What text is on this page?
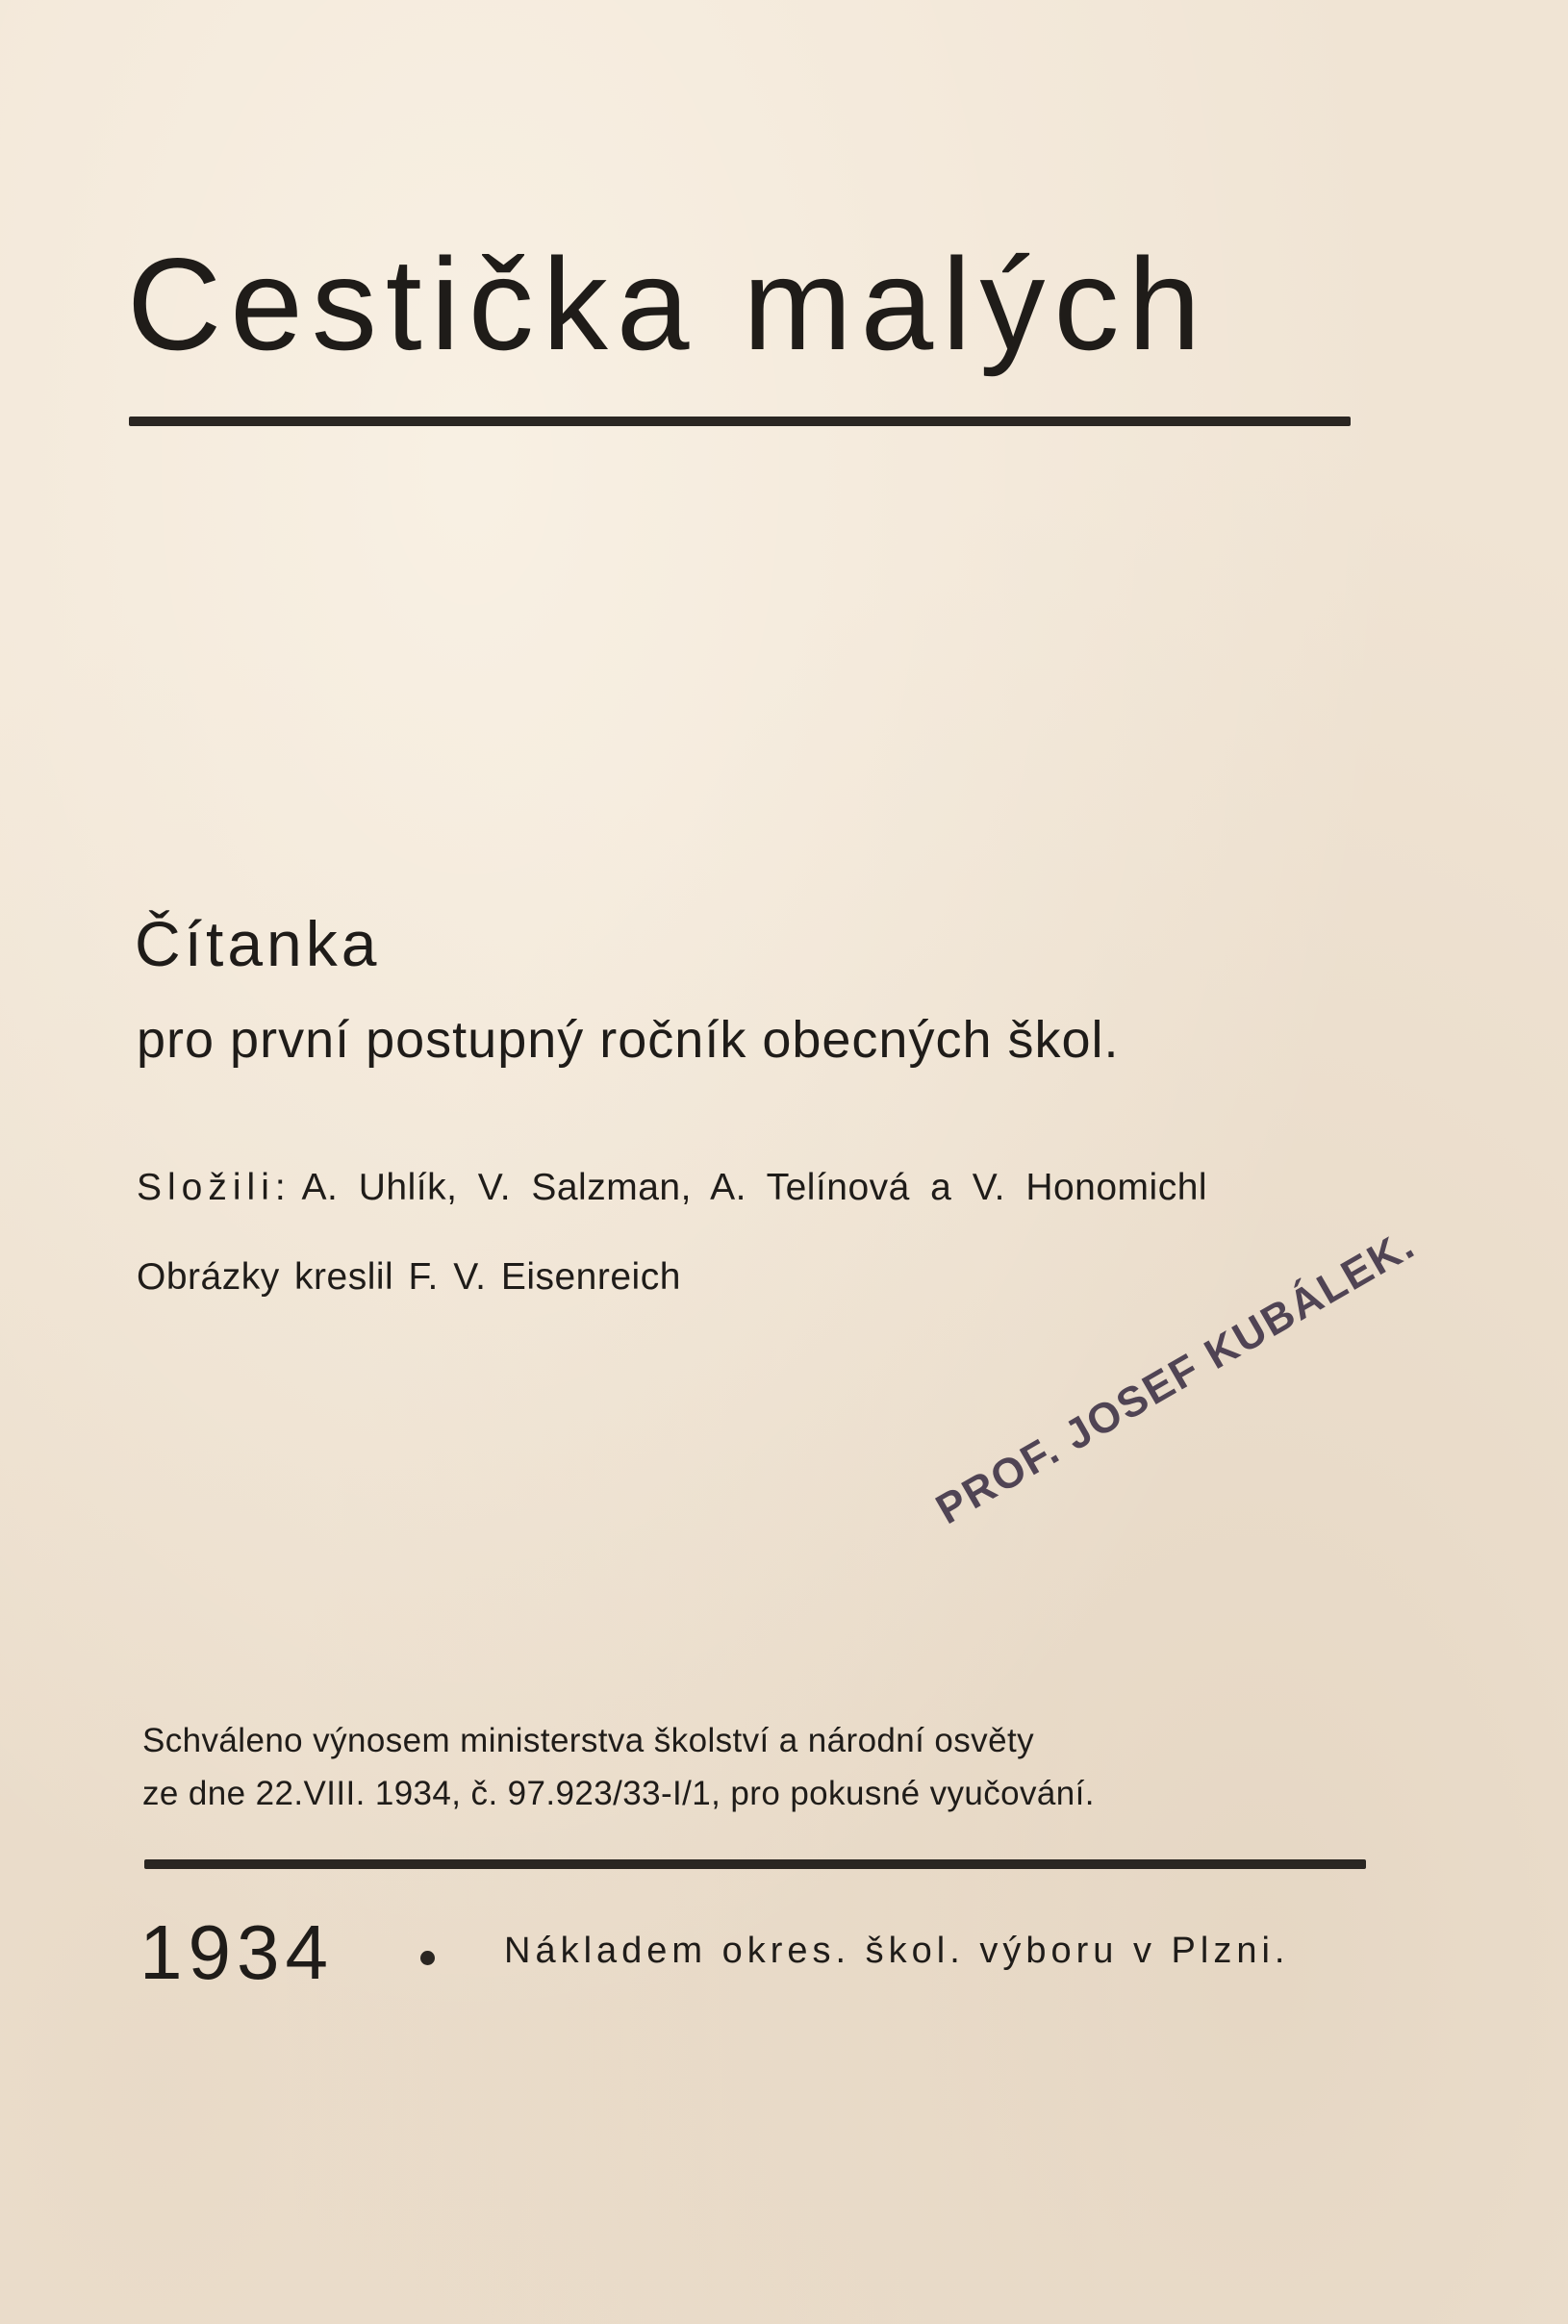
Cestička malých
Čítanka
pro první postupný ročník obecných škol.
Složili: A. Uhlík, V. Salzman, A. Telínová a V. Honomichl
Obrázky kreslil F. V. Eisenreich	PROF. JOSEF KUBÁLEK.
Schváleno výnosem ministerstva školství a národní osvěty
ze dne 22.VIII. 1934, č. 97.923/33-I/1, pro pokusné vyučování.
1934	Nákladem okres. škol. výboru v Plzni.
